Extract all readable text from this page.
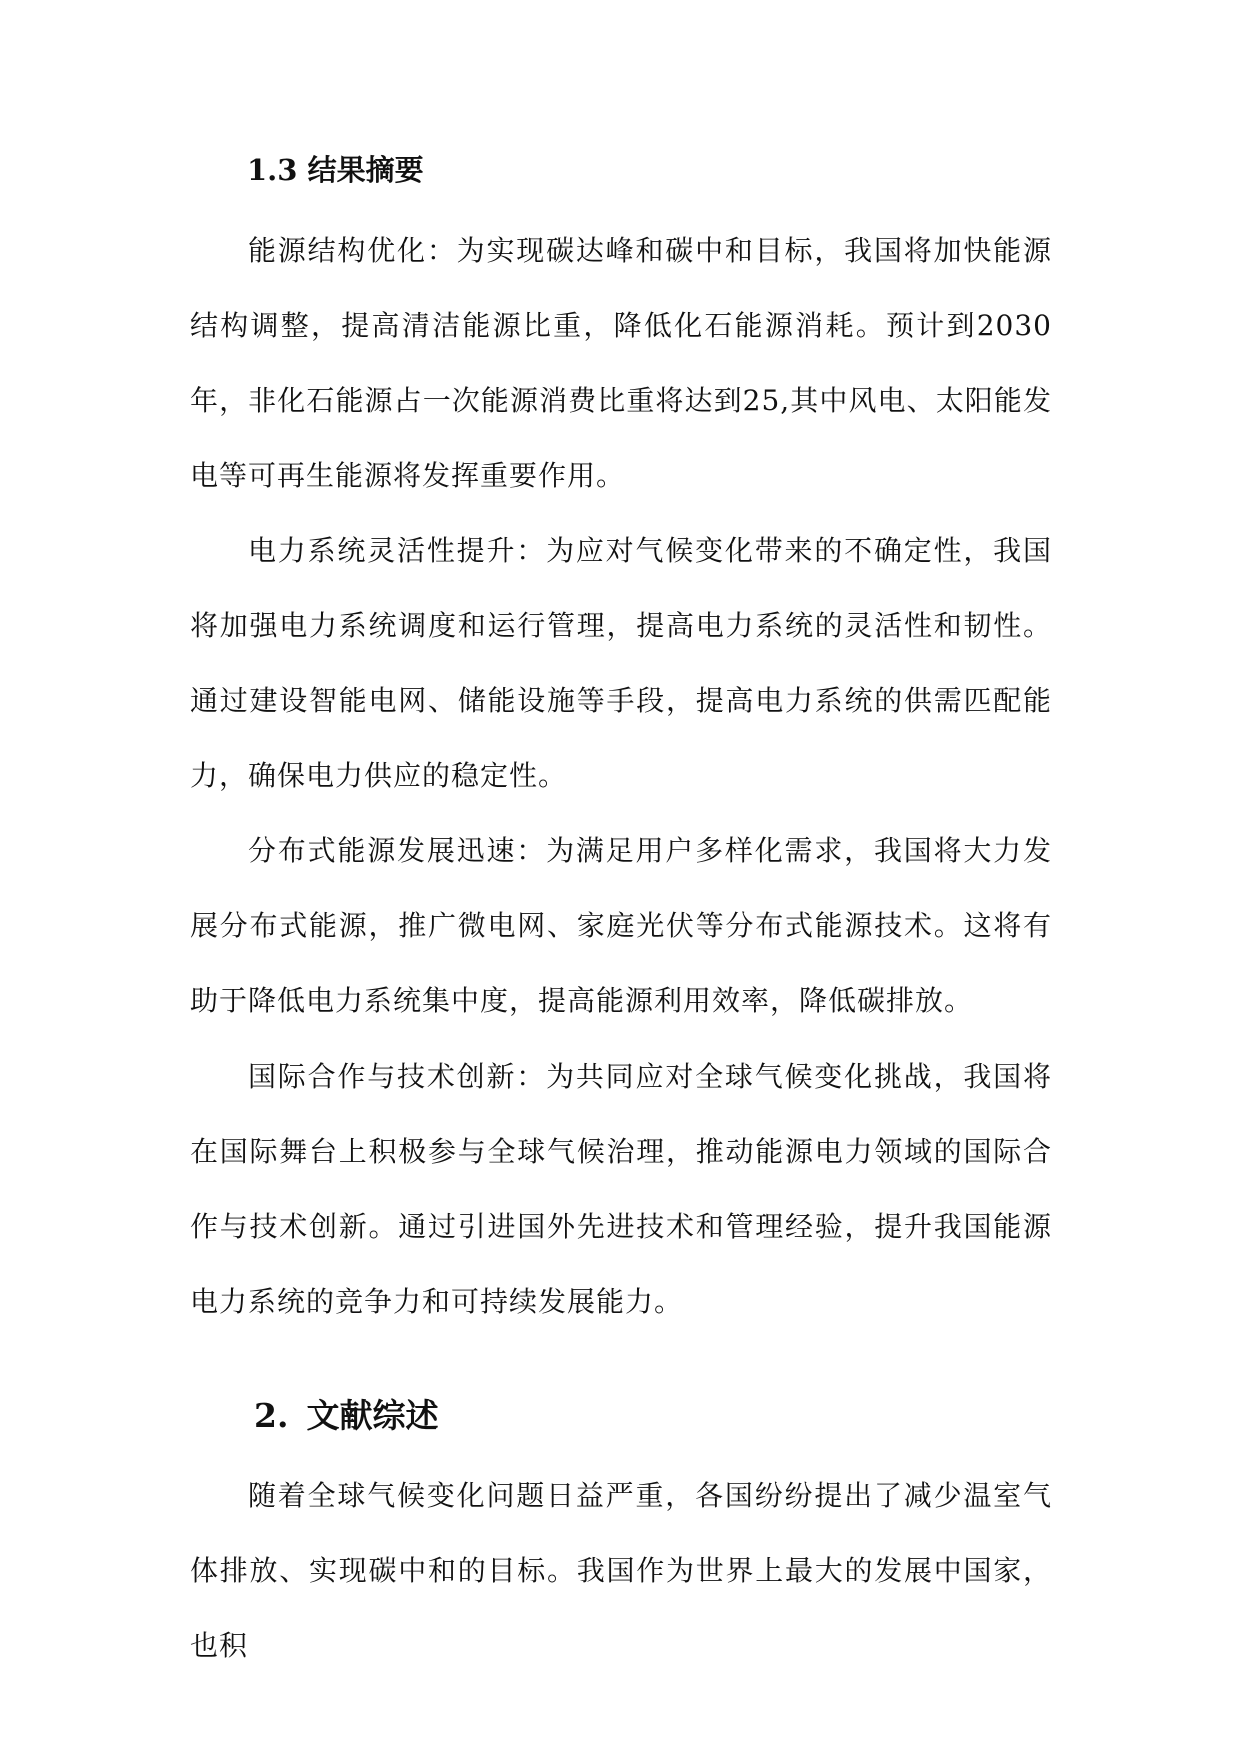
1.3 结果摘要

能源结构优化：为实现碳达峰和碳中和目标，我国将加快能源结构调整，提高清洁能源比重，降低化石能源消耗。预计到2030年，非化石能源占一次能源消费比重将达到25,其中风电、太阳能发电等可再生能源将发挥重要作用。

电力系统灵活性提升：为应对气候变化带来的不确定性，我国将加强电力系统调度和运行管理，提高电力系统的灵活性和韧性。通过建设智能电网、储能设施等手段，提高电力系统的供需匹配能力，确保电力供应的稳定性。

分布式能源发展迅速：为满足用户多样化需求，我国将大力发展分布式能源，推广微电网、家庭光伏等分布式能源技术。这将有助于降低电力系统集中度，提高能源利用效率，降低碳排放。

国际合作与技术创新：为共同应对全球气候变化挑战，我国将在国际舞台上积极参与全球气候治理，推动能源电力领域的国际合作与技术创新。通过引进国外先进技术和管理经验，提升我国能源电力系统的竞争力和可持续发展能力。

2. 文献综述

随着全球气候变化问题日益严重，各国纷纷提出了减少温室气体排放、实现碳中和的目标。我国作为世界上最大的发展中国家，也积
